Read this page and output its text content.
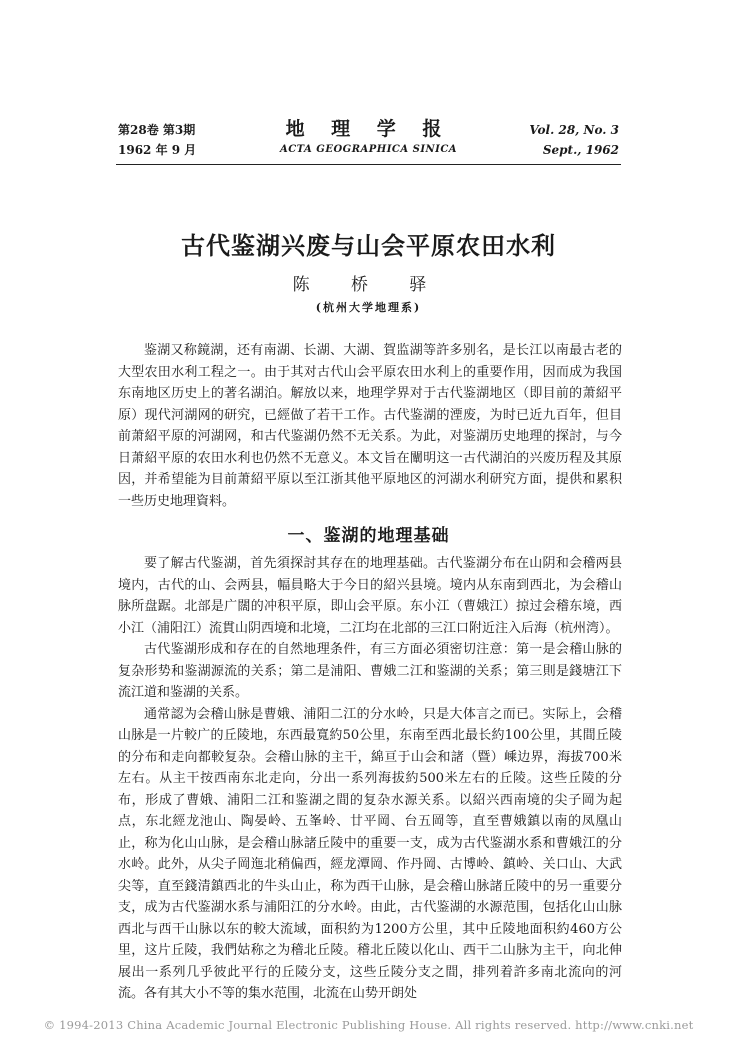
第28卷 第3期
1962 年 9 月
地 理 学 报
ACTA GEOGRAPHICA SINICA
Vol. 28, No. 3
Sept., 1962
古代鉴湖兴废与山会平原农田水利
陈 桥 驿
(杭州大学地理系)

鉴湖又称鏡湖，还有南湖、长湖、大湖、賀监湖等許多别名，是长江以南最古老的大型农田水利工程之一。由于其对古代山会平原农田水利上的重要作用，因而成为我国东南地区历史上的著名湖泊。解放以来，地理学界对于古代鉴湖地区（即目前的萧紹平原）现代河湖网的研究，已經做了若干工作。古代鉴湖的湮废，为时已近九百年，但目前萧紹平原的河湖网，和古代鉴湖仍然不无关系。为此，对鉴湖历史地理的探討，与今日萧紹平原的农田水利也仍然不无意义。本文旨在闡明这一古代湖泊的兴废历程及其原因，并希望能为目前萧紹平原以至江浙其他平原地区的河湖水利研究方面，提供和累积一些历史地理資料。

一、鉴湖的地理基础

要了解古代鉴湖，首先須探討其存在的地理基础。古代鉴湖分布在山阴和会稽两县境内，古代的山、会两县，幅員略大于今日的紹兴县境。境内从东南到西北，为会稽山脉所盘踞。北部是广闊的冲积平原，即山会平原。东小江（曹娥江）掠过会稽东境，西小江（浦阳江）流貫山阴西境和北境，二江均在北部的三江口附近注入后海（杭州湾）。

古代鉴湖形成和存在的自然地理条件，有三方面必須密切注意：第一是会稽山脉的复杂形势和鉴湖源流的关系；第二是浦阳、曹娥二江和鉴湖的关系；第三則是錢塘江下流江道和鉴湖的关系。

通常認为会稽山脉是曹娥、浦阳二江的分水岭，只是大体言之而已。实际上，会稽山脉是一片較广的丘陵地，东西最寬約50公里，东南至西北最长約100公里，其間丘陵的分布和走向都較复杂。会稽山脉的主干，綿亘于山会和諸（暨）嵊边界，海拔700米左右。从主干按西南东北走向，分出一系列海拔約500米左右的丘陵。这些丘陵的分布，形成了曹娥、浦阳二江和鉴湖之間的复杂水源关系。以紹兴西南境的尖子岡为起点，东北經龙池山、陶晏岭、五峯岭、廿平岡、台五岡等，直至曹娥鎮以南的凤凰山止，称为化山山脉，是会稽山脉諸丘陵中的重要一支，成为古代鉴湖水系和曹娥江的分水岭。此外，从尖子岡迤北稍偏西，經龙潭岡、作丹岡、古博岭、鎮岭、关口山、大武尖等，直至錢清鎮西北的牛头山止，称为西干山脉，是会稽山脉諸丘陵中的另一重要分支，成为古代鉴湖水系与浦阳江的分水岭。由此，古代鉴湖的水源范围，包括化山山脉西北与西干山脉以东的較大流域，面积約为1200方公里，其中丘陵地面积約460方公里，这片丘陵，我們姑称之为稽北丘陵。稽北丘陵以化山、西干二山脉为主干，向北伸展出一系列几乎彼此平行的丘陵分支，这些丘陵分支之間，排列着許多南北流向的河流。各有其大小不等的集水范围，北流在山势开朗处

© 1994-2013 China Academic Journal Electronic Publishing House. All rights reserved. http://www.cnki.net
